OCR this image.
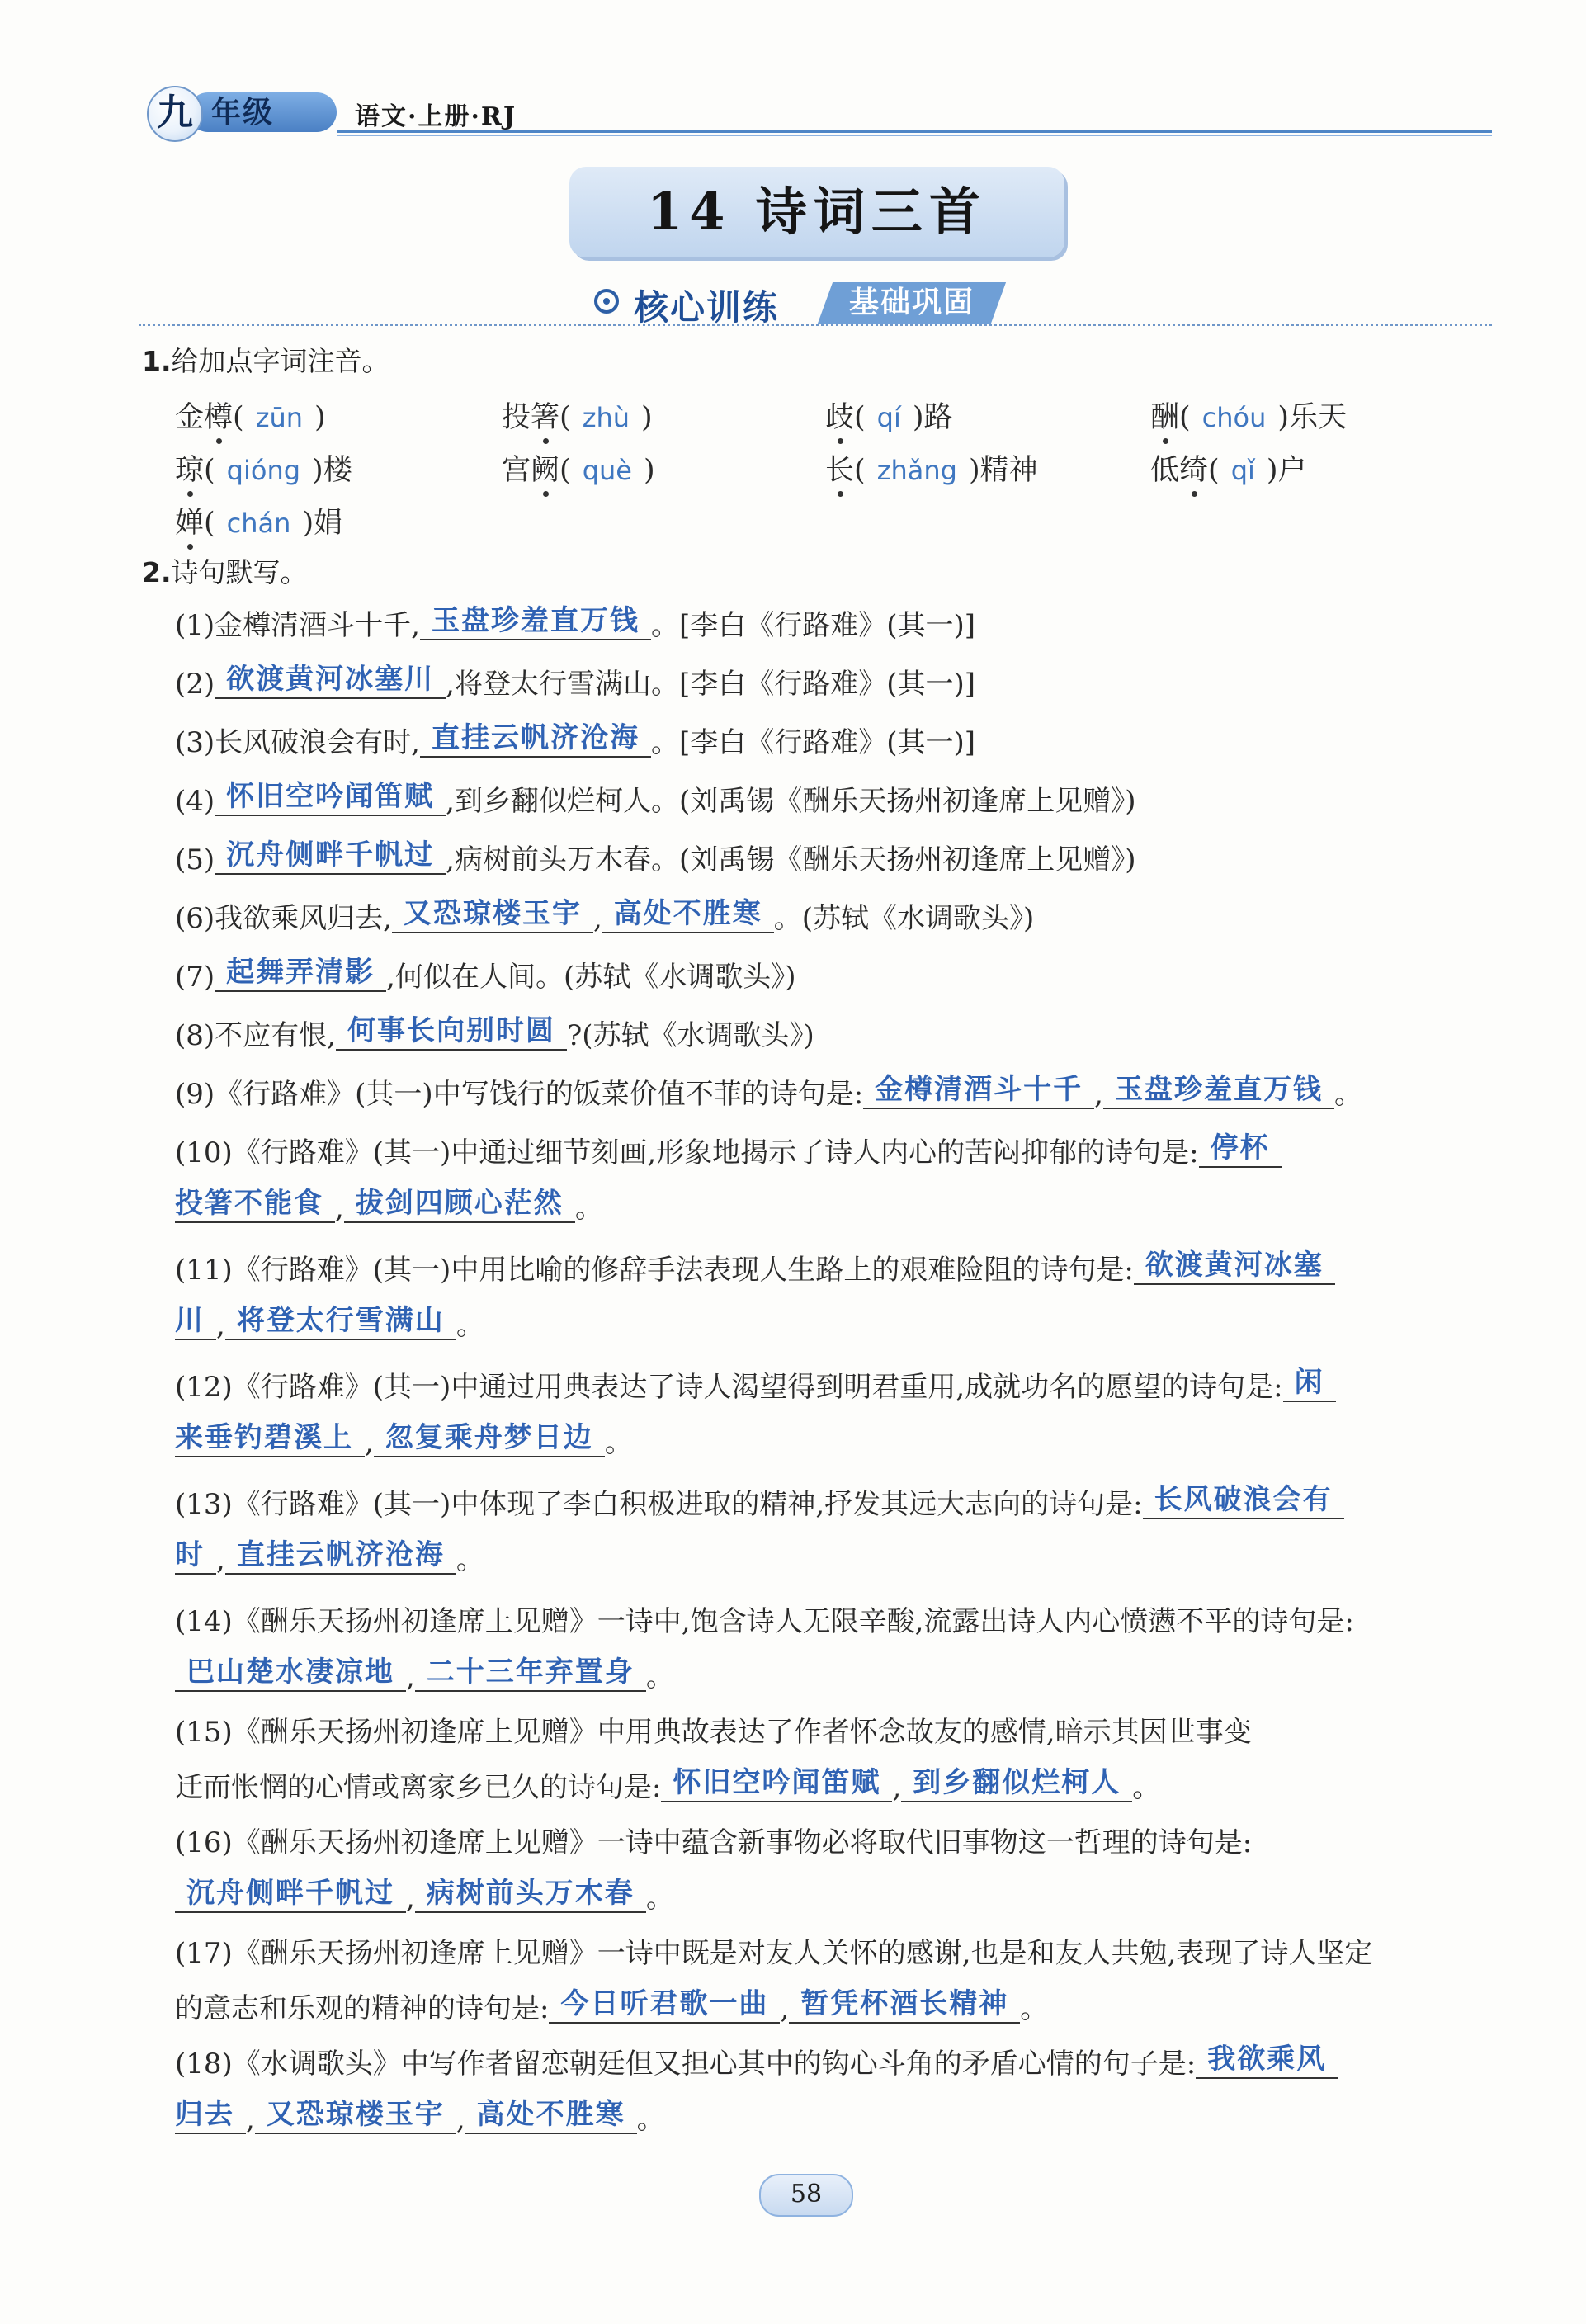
九 年级	语文·上册·RJ
14 诗词三首
核心训练	基础巩固
1.给加点字词注音。
金樽( zūn )	投箸( zhù )	歧( qí )路	酬( chóu )乐天
琼( qióng )楼	宫阙( què )	长( zhǎng )精神	低绮( qǐ )户
婵( chán )娟
2.诗句默写。
(1)金樽清酒斗十千, 玉盘珍羞直万钱 。[李白《行路难》(其一)]
(2) 欲渡黄河冰塞川 ,将登太行雪满山。[李白《行路难》(其一)]
(3)长风破浪会有时, 直挂云帆济沧海 。[李白《行路难》(其一)]
(4) 怀旧空吟闻笛赋 ,到乡翻似烂柯人。(刘禹锡《酬乐天扬州初逢席上见赠》)
(5) 沉舟侧畔千帆过 ,病树前头万木春。(刘禹锡《酬乐天扬州初逢席上见赠》)
(6)我欲乘风归去, 又恐琼楼玉宇 , 高处不胜寒 。(苏轼《水调歌头》)
(7) 起舞弄清影 ,何似在人间。(苏轼《水调歌头》)
(8)不应有恨, 何事长向别时圆 ?(苏轼《水调歌头》)
(9)《行路难》(其一)中写饯行的饭菜价值不菲的诗句是: 金樽清酒斗十千 , 玉盘珍羞直万钱 。
(10)《行路难》(其一)中通过细节刻画,形象地揭示了诗人内心的苦闷抑郁的诗句是: 停杯
投箸不能食 , 拔剑四顾心茫然 。
(11)《行路难》(其一)中用比喻的修辞手法表现人生路上的艰难险阻的诗句是: 欲渡黄河冰塞
川 , 将登太行雪满山 。
(12)《行路难》(其一)中通过用典表达了诗人渴望得到明君重用,成就功名的愿望的诗句是: 闲
来垂钓碧溪上 , 忽复乘舟梦日边 。
(13)《行路难》(其一)中体现了李白积极进取的精神,抒发其远大志向的诗句是: 长风破浪会有
时 , 直挂云帆济沧海 。
(14)《酬乐天扬州初逢席上见赠》一诗中,饱含诗人无限辛酸,流露出诗人内心愤懑不平的诗句是:
巴山楚水凄凉地 , 二十三年弃置身 。
(15)《酬乐天扬州初逢席上见赠》中用典故表达了作者怀念故友的感情,暗示其因世事变
迁而怅惘的心情或离家乡已久的诗句是: 怀旧空吟闻笛赋 , 到乡翻似烂柯人 。
(16)《酬乐天扬州初逢席上见赠》一诗中蕴含新事物必将取代旧事物这一哲理的诗句是:
沉舟侧畔千帆过 , 病树前头万木春 。
(17)《酬乐天扬州初逢席上见赠》一诗中既是对友人关怀的感谢,也是和友人共勉,表现了诗人坚定
的意志和乐观的精神的诗句是: 今日听君歌一曲 , 暂凭杯酒长精神 。
(18)《水调歌头》中写作者留恋朝廷但又担心其中的钩心斗角的矛盾心情的句子是: 我欲乘风
归去 , 又恐琼楼玉宇 , 高处不胜寒 。
58
